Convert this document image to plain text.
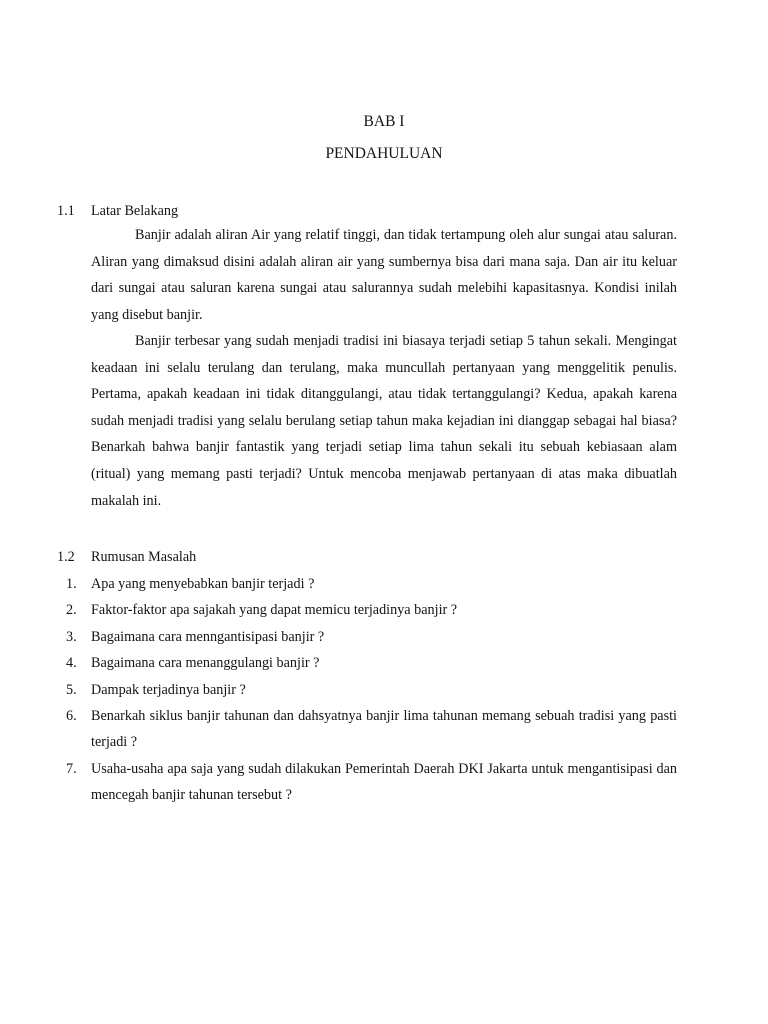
BAB I
PENDAHULUAN
1.1 Latar Belakang

Banjir adalah aliran Air yang relatif tinggi, dan tidak tertampung oleh alur sungai atau saluran. Aliran yang dimaksud disini adalah aliran air yang sumbernya bisa dari mana saja. Dan air itu keluar dari sungai atau saluran karena sungai atau salurannya sudah melebihi kapasitasnya. Kondisi inilah yang disebut banjir.

Banjir terbesar yang sudah menjadi tradisi ini biasaya terjadi setiap 5 tahun sekali. Mengingat keadaan ini selalu terulang dan terulang, maka muncullah pertanyaan yang menggelitik penulis. Pertama, apakah keadaan ini tidak ditanggulangi, atau tidak tertanggulangi? Kedua, apakah karena sudah menjadi tradisi yang selalu berulang setiap tahun maka kejadian ini dianggap sebagai hal biasa? Benarkah bahwa banjir fantastik yang terjadi setiap lima tahun sekali itu sebuah kebiasaan alam (ritual) yang memang pasti terjadi? Untuk mencoba menjawab pertanyaan di atas maka dibuatlah makalah ini.

1.2 Rumusan Masalah
1. Apa yang menyebabkan banjir terjadi ?
2. Faktor-faktor apa sajakah yang dapat memicu terjadinya banjir ?
3. Bagaimana cara menngantisipasi banjir ?
4. Bagaimana cara menanggulangi banjir ?
5. Dampak terjadinya banjir ?
6. Benarkah siklus banjir tahunan dan dahsyatnya banjir lima tahunan memang sebuah tradisi yang pasti terjadi ?
7. Usaha-usaha apa saja yang sudah dilakukan Pemerintah Daerah DKI Jakarta untuk mengantisipasi dan mencegah banjir tahunan tersebut ?
